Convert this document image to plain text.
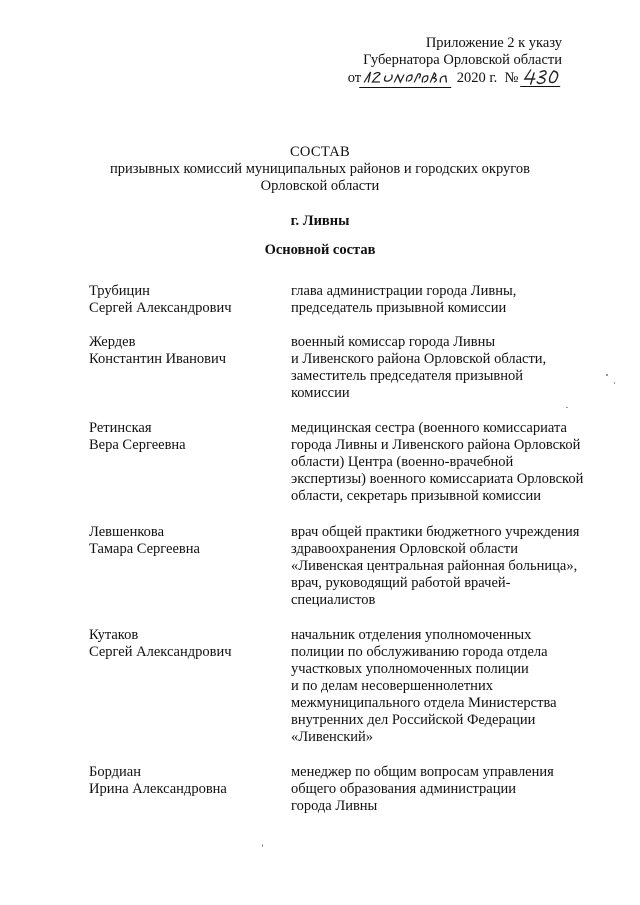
Приложение 2 к указу
Губернатора Орловской области
от	2020 г. №
СОСТАВ
призывных комиссий муниципальных районов и городских округов
Орловской области
г. Ливны
Основной состав
Трубицин
Сергей Александрович
глава администрации города Ливны,
председатель призывной комиссии
Жердев
Константин Иванович
военный комиссар города Ливны
и Ливенского района Орловской области,
заместитель председателя призывной
комиссии
Ретинская
Вера Сергеевна
медицинская сестра (военного комиссариата
города Ливны и Ливенского района Орловской
области) Центра (военно-врачебной
экспертизы) военного комиссариата Орловской
области, секретарь призывной комиссии
Левшенкова
Тамара Сергеевна
врач общей практики бюджетного учреждения
здравоохранения Орловской области
«Ливенская центральная районная больница»,
врач, руководящий работой врачей-
специалистов
Кутаков
Сергей Александрович
начальник отделения уполномоченных
полиции по обслуживанию города отдела
участковых уполномоченных полиции
и по делам несовершеннолетних
межмуниципального отдела Министерства
внутренних дел Российской Федерации
«Ливенский»
Бордиан
Ирина Александровна
менеджер по общим вопросам управления
общего образования администрации
города Ливны
